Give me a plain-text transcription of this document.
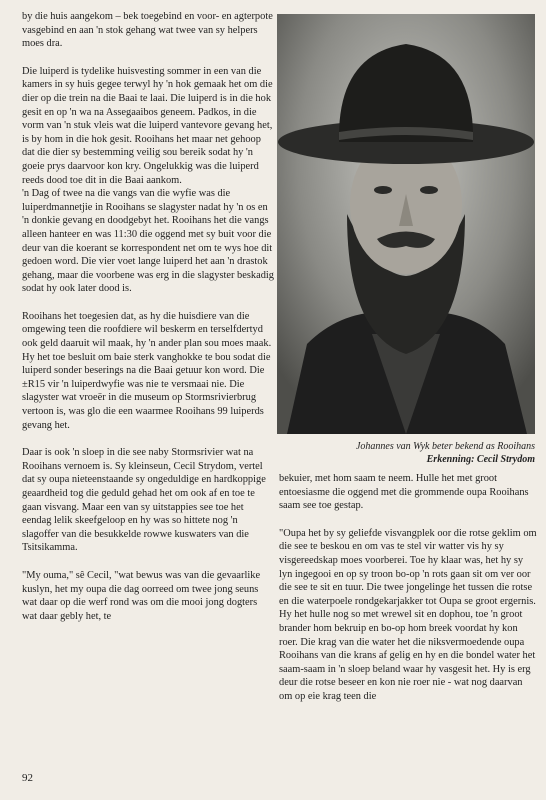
by die huis aangekom – bek toegebind en voor- en agterpote vasgebind en aan 'n stok gehang wat twee van sy helpers moes dra.

Die luiperd is tydelike huisvesting sommer in een van die kamers in sy huis gegee terwyl hy 'n hok gemaak het om die dier op die trein na die Baai te laai. Die luiperd is in die hok gesit en op 'n wa na Assegaaibos geneem. Padkos, in die vorm van 'n stuk vleis wat die luiperd vantevore gevang het, is by hom in die hok gesit. Rooihans het maar net gehoop dat die dier sy bestemming veilig sou bereik sodat hy 'n goeie prys daarvoor kon kry. Ongelukkig was die luiperd reeds dood toe dit in die Baai aankom.
'n Dag of twee na die vangs van die wyfie was die luiperdmannetjie in Rooihans se slagyster nadat hy 'n os en 'n donkie gevang en doodgebyt het. Rooihans het die vangs alleen hanteer en was 11:30 die oggend met sy buit voor die deur van die koerant se korrespondent net om te wys hoe dit gedoen word. Die vier voet lange luiperd het aan 'n drastok gehang, maar die voorbene was erg in die slagyster beskadig sodat hy ook later dood is.

Rooihans het toegesien dat, as hy die huisdiere van die omgewing teen die roofdiere wil beskerm en terselfdertyd ook geld daaruit wil maak, hy 'n ander plan sou moes maak. Hy het toe besluit om baie sterk vanghokke te bou sodat die luiperd sonder beserings na die Baai getuur kon word. Die ±R15 vir 'n luiperdwyfie was nie te versmaai nie. Die slagyster wat vroeër in die museum op Stormsrivierbrug vertoon is, was glo die een waarmee Rooihans 99 luiperds gevang het.

Daar is ook 'n sloep in die see naby Stormsrivier wat na Rooihans vernoem is. Sy kleinseun, Cecil Strydom, vertel dat sy oupa nieteenstaande sy ongeduldige en hardkoppige geaardheid tog die geduld gehad het om ook af en toe te gaan visvang. Maar een van sy uitstappies see toe het eendag lelik skeefgeloop en hy was so hittete nog 'n slagoffer van die besukkelde rowwe kuswaters van die Tsitsikamma.

"My ouma," sê Cecil, "wat bewus was van die gevaarlike kuslyn, het my oupa die dag oorreed om twee jong seuns wat daar op die werf rond was om die mooi jong dogters wat daar gebly het, te

Johannes van Wyk beter bekend as Rooihans
Erkenning: Cecil Strydom

bekuier, met hom saam te neem. Hulle het met groot entoesiasme die oggend met die grommende oupa Rooihans saam see toe gestap.

"Oupa het by sy geliefde visvangplek oor die rotse geklim om die see te beskou en om vas te stel vir watter vis hy sy visgereedskap moes voorberei. Toe hy klaar was, het hy sy lyn ingegooi en op sy troon bo-op 'n rots gaan sit om ver oor die see te sit en tuur. Die twee jongelinge het tussen die rotse en die waterpoele rondgekarjakker tot Oupa se groot ergernis. Hy het hulle nog so met wrewel sit en dophou, toe 'n groot brander hom bekruip en bo-op hom breek voordat hy kon roer. Die krag van die water het die niksvermoedende oupa Rooihans van die krans af gelig en hy en die bondel water het saam-saam in 'n sloep beland waar hy vasgesit het. Hy is erg deur die rotse beseer en kon nie roer nie - wat nog daarvan om op eie krag teen die

92
